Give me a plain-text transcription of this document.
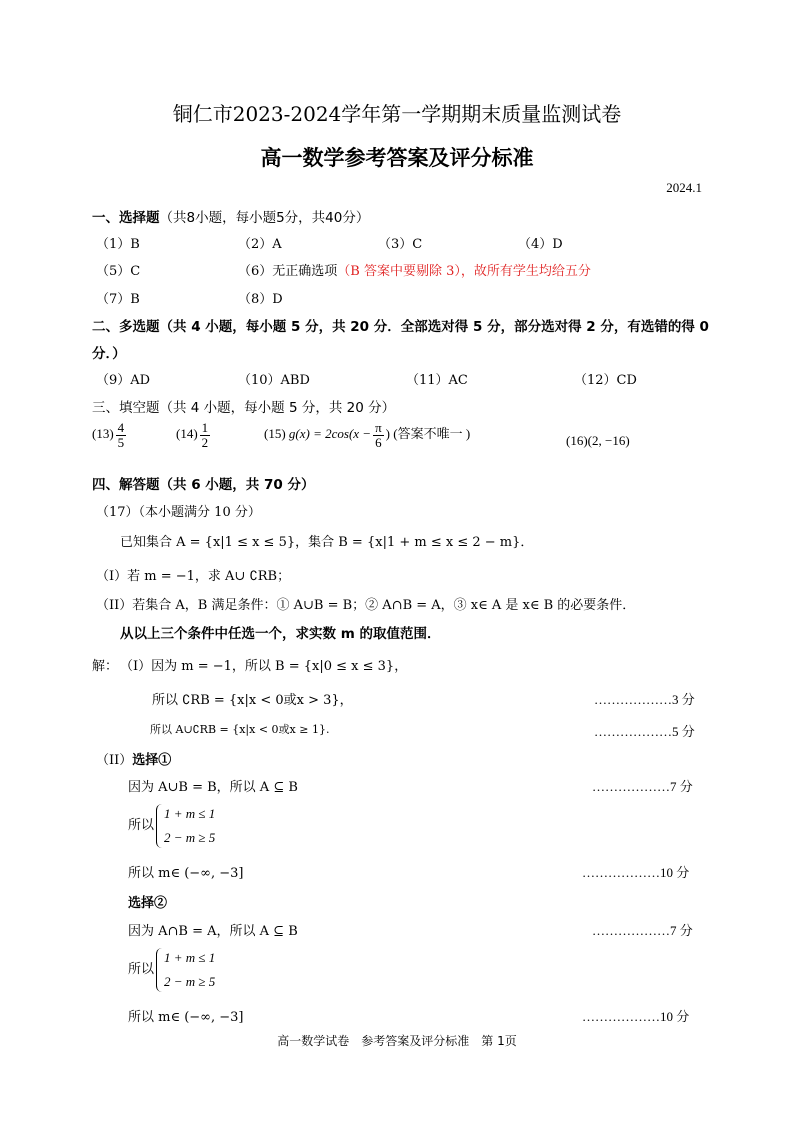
铜仁市2023-2024学年第一学期期末质量监测试卷
高一数学参考答案及评分标准
2024.1
一、选择题（共8小题，每小题5分，共40分）
（1）B	（2）A	（3）C	（4）D
（5）C	（6）无正确选项（B 答案中要剔除 3），故所有学生均给五分
（7）B	（8）D
二、多选题（共 4 小题，每小题 5 分，共 20 分．全部选对得 5 分，部分选对得 2 分，有选错的得 0
分．）
（9）AD	（10）ABD	（11）AC	（12）CD
三、填空题（共 4 小题，每小题 5 分，共 20 分）
$(13) \frac{4}{5}$	$(14) \frac{1}{2}$	(15) $g(x) = 2\cos(x - \frac{\pi}{6}$ ) (答案不唯一 )	(16)(2, −16)
四、解答题（共 6 小题，共 70 分）
（17）（本小题满分 10 分）
已知集合 A = {x|1 ≤ x ≤ 5}，集合 B = {x|1 + m ≤ x ≤ 2 − m}．
（I）若 m = −1，求 A∪ ∁RB；
（II）若集合 A，B 满足条件：① A∪B = B；② A∩B = A，③ x∈ A 是 x∈ B 的必要条件．
从以上三个条件中任选一个，求实数 m 的取值范围．
解： （I）因为 m = −1，所以 B = {x|0 ≤ x ≤ 3}，
所以 ∁RB = {x|x < 0或x > 3}，	………………3 分
所以 A∪∁RB = {x|x < 0或x ≥ 1}.	………………5 分
（II）选择①
因为 A∪B = B，所以 A ⊆ B	………………7 分
所以
1 + m ≤ 1
2 − m ≥ 5
所以 m∈ (−∞, −3]	………………10 分
选择②
因为 A∩B = A，所以 A ⊆ B	………………7 分
所以
1 + m ≤ 1
2 − m ≥ 5
所以 m∈ (−∞, −3]	………………10 分
高一数学试卷　参考答案及评分标准　第 1页
